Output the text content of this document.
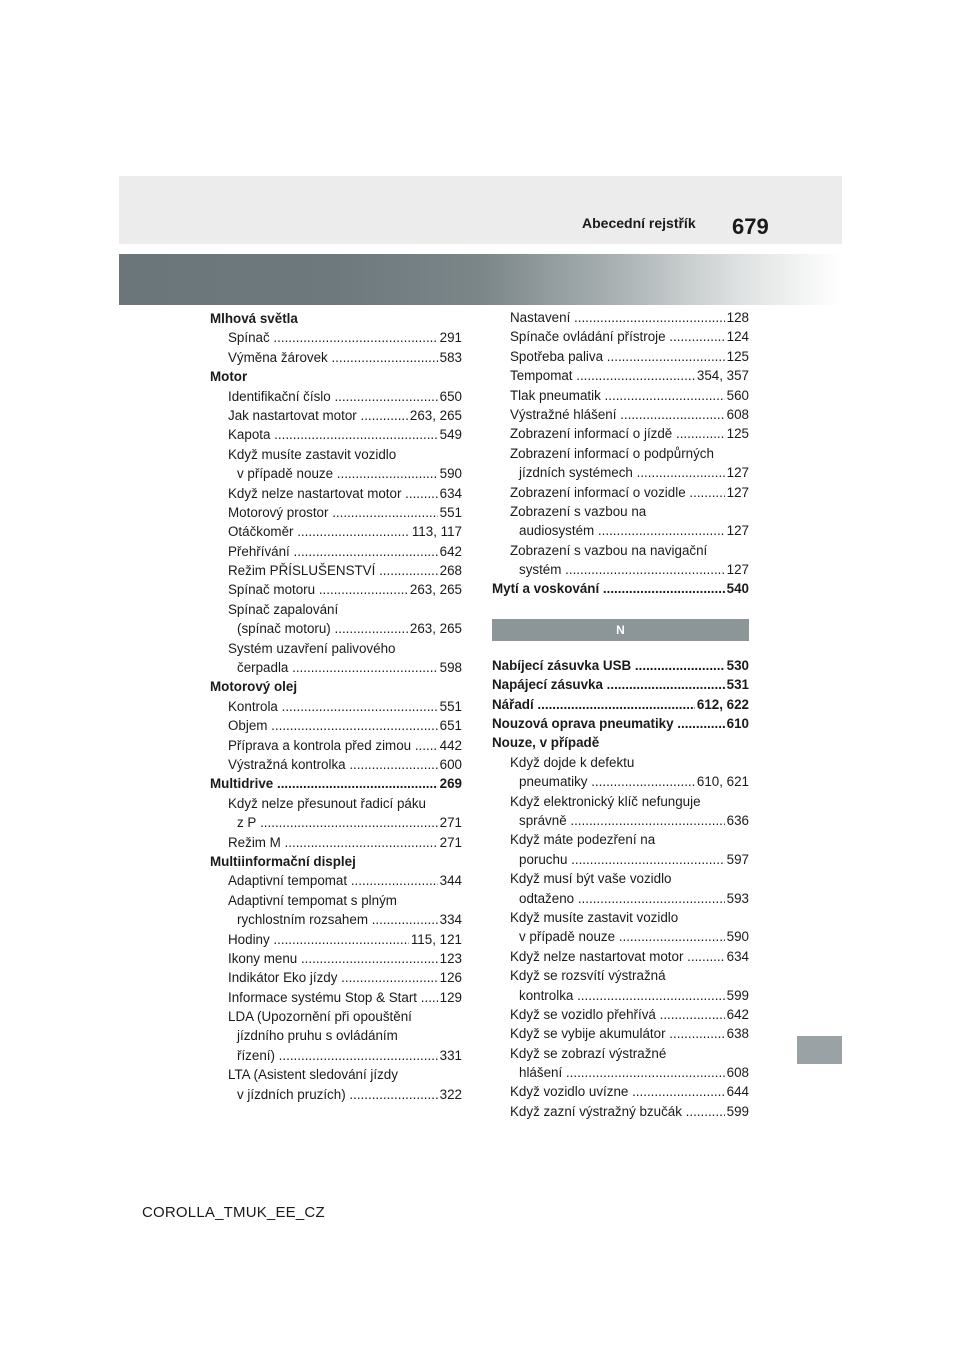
Abecední rejstřík 679
Mlhová světla
Spínač	291
.....
Výměna žárovek	583
.....
Motor
Identifikační číslo	650
.....
Jak nastartovat motor	263, 265
.....
Kapota	549
.....
Když musíte zastavit vozidlo
v případě nouze	590
.....
Když nelze nastartovat motor	634
.....
Motorový prostor	551
.....
Otáčkoměr	113, 117
.....
Přehřívání	642
.....
Režim PŘÍSLUŠENSTVÍ	268
.....
Spínač motoru	263, 265
.....
Spínač zapalování
(spínač motoru)	263, 265
.....
Systém uzavření palivového
čerpadla	598
.....
Motorový olej
Kontrola	551
.....
Objem	651
.....
Příprava a kontrola před zimou 442
.....
Výstražná kontrolka	600
.....
Multidrive	269
.....
Když nelze přesunout řadicí páku
z P	271
.....
Režim M	271
.....
Multiinformační displej
Adaptivní tempomat	344
.....
Adaptivní tempomat s plným
rychlostním rozsahem	334
.....
Hodiny	115, 121
.....
Ikony menu	123
.....
Indikátor Eko jízdy	126
.....
Informace systému Stop & Start 129
.....
LDA (Upozornění při opouštění
jízdního pruhu s ovládáním
řízení)	331
.....
LTA (Asistent sledování jízdy
v jízdních pruzích)	322
.....
Nastavení	128
.....
Spínače ovládání přístroje	124
.....
Spotřeba paliva	125
.....
Tempomat	354, 357
.....
Tlak pneumatik	560
.....
Výstražné hlášení	608
.....
Zobrazení informací o jízdě	125
.....
Zobrazení informací o podpůrných
jízdních systémech	127
.....
Zobrazení informací o vozidle	127
.....
Zobrazení s vazbou na
audiosystém	127
.....
Zobrazení s vazbou na navigační
systém	127
.....
Mytí a voskování	540
.....
N
Nabíjecí zásuvka USB	530
.....
Napájecí zásuvka	531
.....
Nářadí	612, 622
.....
Nouzová oprava pneumatiky	610
.....
Nouze, v případě
Když dojde k defektu
pneumatiky	610, 621
.....
Když elektronický klíč nefunguje
správně	636
.....
Když máte podezření na
poruchu	597
.....
Když musí být vaše vozidlo
odtaženo	593
.....
Když musíte zastavit vozidlo
v případě nouze	590
.....
Když nelze nastartovat motor	634
.....
Když se rozsvítí výstražná
kontrolka	599
.....
Když se vozidlo přehřívá	642
.....
Když se vybije akumulátor	638
.....
Když se zobrazí výstražné
hlášení	608
.....
Když vozidlo uvízne	644
.....
Když zazní výstražný bzučák	599
.....
COROLLA_TMUK_EE_CZ
